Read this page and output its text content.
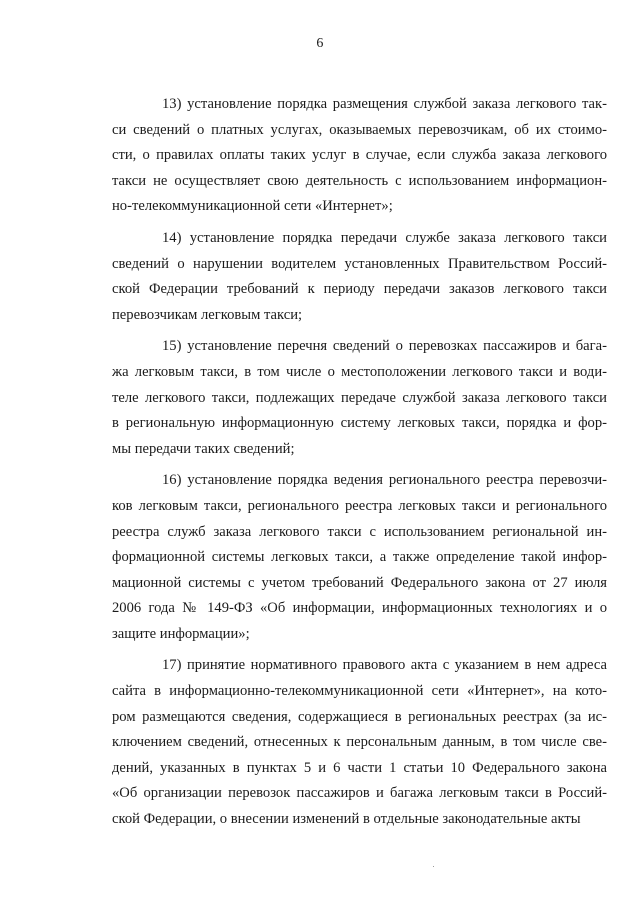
6
13) установление порядка размещения службой заказа легкового так-
си сведений о платных услугах, оказываемых перевозчикам, об их стоимо-
сти, о правилах оплаты таких услуг в случае, если служба заказа легкового
такси не осуществляет свою деятельность с использованием информацион-
но-телекоммуникационной сети «Интернет»;
14) установление порядка передачи службе заказа легкового такси
сведений о нарушении водителем установленных Правительством Россий-
ской Федерации требований к периоду передачи заказов легкового такси
перевозчикам легковым такси;
15) установление перечня сведений о перевозках пассажиров и бага-
жа легковым такси, в том числе о местоположении легкового такси и води-
теле легкового такси, подлежащих передаче службой заказа легкового такси
в региональную информационную систему легковых такси, порядка и фор-
мы передачи таких сведений;
16) установление порядка ведения регионального реестра перевозчи-
ков легковым такси, регионального реестра легковых такси и регионального
реестра служб заказа легкового такси с использованием региональной ин-
формационной системы легковых такси, а также определение такой инфор-
мационной системы с учетом требований Федерального закона от 27 июля
2006 года № 149-ФЗ «Об информации, информационных технологиях и о
защите информации»;
17) принятие нормативного правового акта с указанием в нем адреса
сайта в информационно-телекоммуникационной сети «Интернет», на кото-
ром размещаются сведения, содержащиеся в региональных реестрах (за ис-
ключением сведений, отнесенных к персональным данным, в том числе све-
дений, указанных в пунктах 5 и 6 части 1 статьи 10 Федерального закона
«Об организации перевозок пассажиров и багажа легковым такси в Россий-
ской Федерации, о внесении изменений в отдельные законодательные акты
